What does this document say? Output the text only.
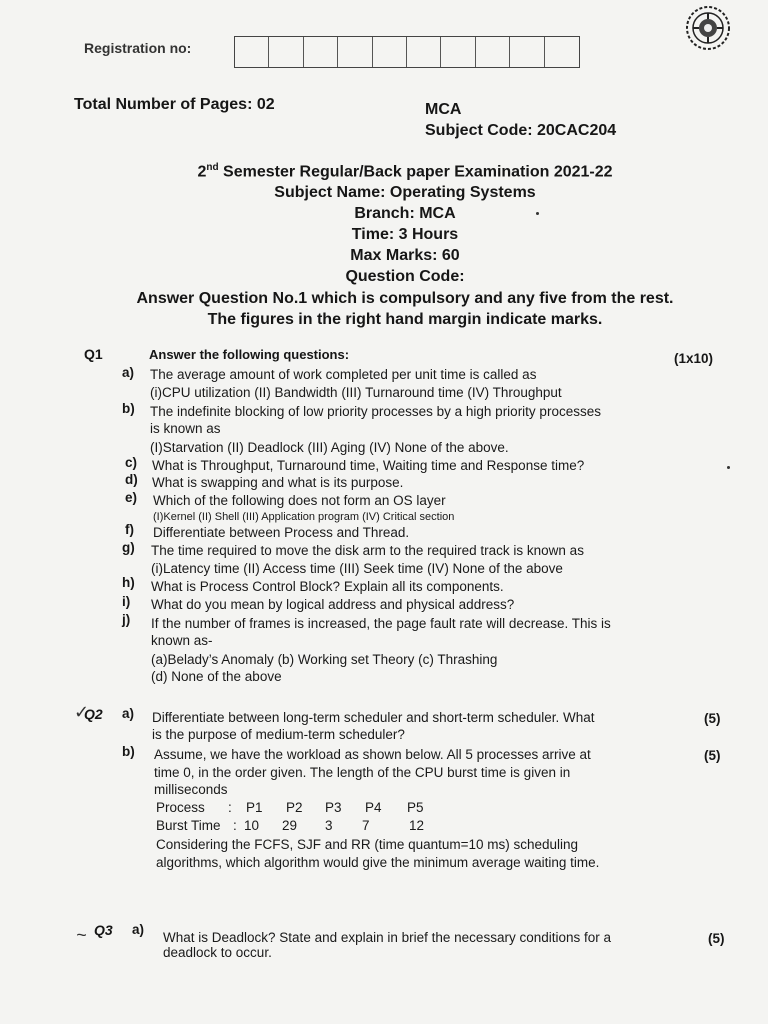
Registration no:
Total Number of Pages: 02	MCA
Subject Code: 20CAC204
2nd Semester Regular/Back paper Examination 2021-22
Subject Name: Operating Systems
Branch: MCA
Time: 3 Hours
Max Marks: 60
Question Code:
Answer Question No.1 which is compulsory and any five from the rest.
The figures in the right hand margin indicate marks.
Q1	Answer the following questions:	(1x10)
a) The average amount of work completed per unit time is called as
(i)CPU utilization (II) Bandwidth (III) Turnaround time (IV) Throughput
b) The indefinite blocking of low priority processes by a high priority processes
is known as
(I)Starvation (II) Deadlock (III) Aging (IV) None of the above.
c) What is Throughput, Turnaround time, Waiting time and Response time?
d) What is swapping and what is its purpose.
e) Which of the following does not form an OS layer
(I)Kernel (II) Shell (III) Application program (IV) Critical section
f) Differentiate between Process and Thread.
g) The time required to move the disk arm to the required track is known as
(i)Latency time (II) Access time (III) Seek time (IV) None of the above
h) What is Process Control Block? Explain all its components.
i) What do you mean by logical address and physical address?
j) If the number of frames is increased, the page fault rate will decrease. This is
known as-
(a)Belady’s Anomaly (b) Working set Theory (c) Thrashing
(d) None of the above
✓
Q2 a) Differentiate between long-term scheduler and short-term scheduler. What
is the purpose of medium-term scheduler?
(5)
b) Assume, we have the workload as shown below. All 5 processes arrive at
time 0, in the order given. The length of the CPU burst time is given in
milliseconds
(5)
Process : P1 P2 P3 P4 P5
Burst Time : 10 29 3 7	12
Considering the FCFS, SJF and RR (time quantum=10 ms) scheduling
algorithms, which algorithm would give the minimum average waiting time.
~ Q3 a)
What is Deadlock? State and explain in brief the necessary conditions for a
deadlock to occur.
(5)
